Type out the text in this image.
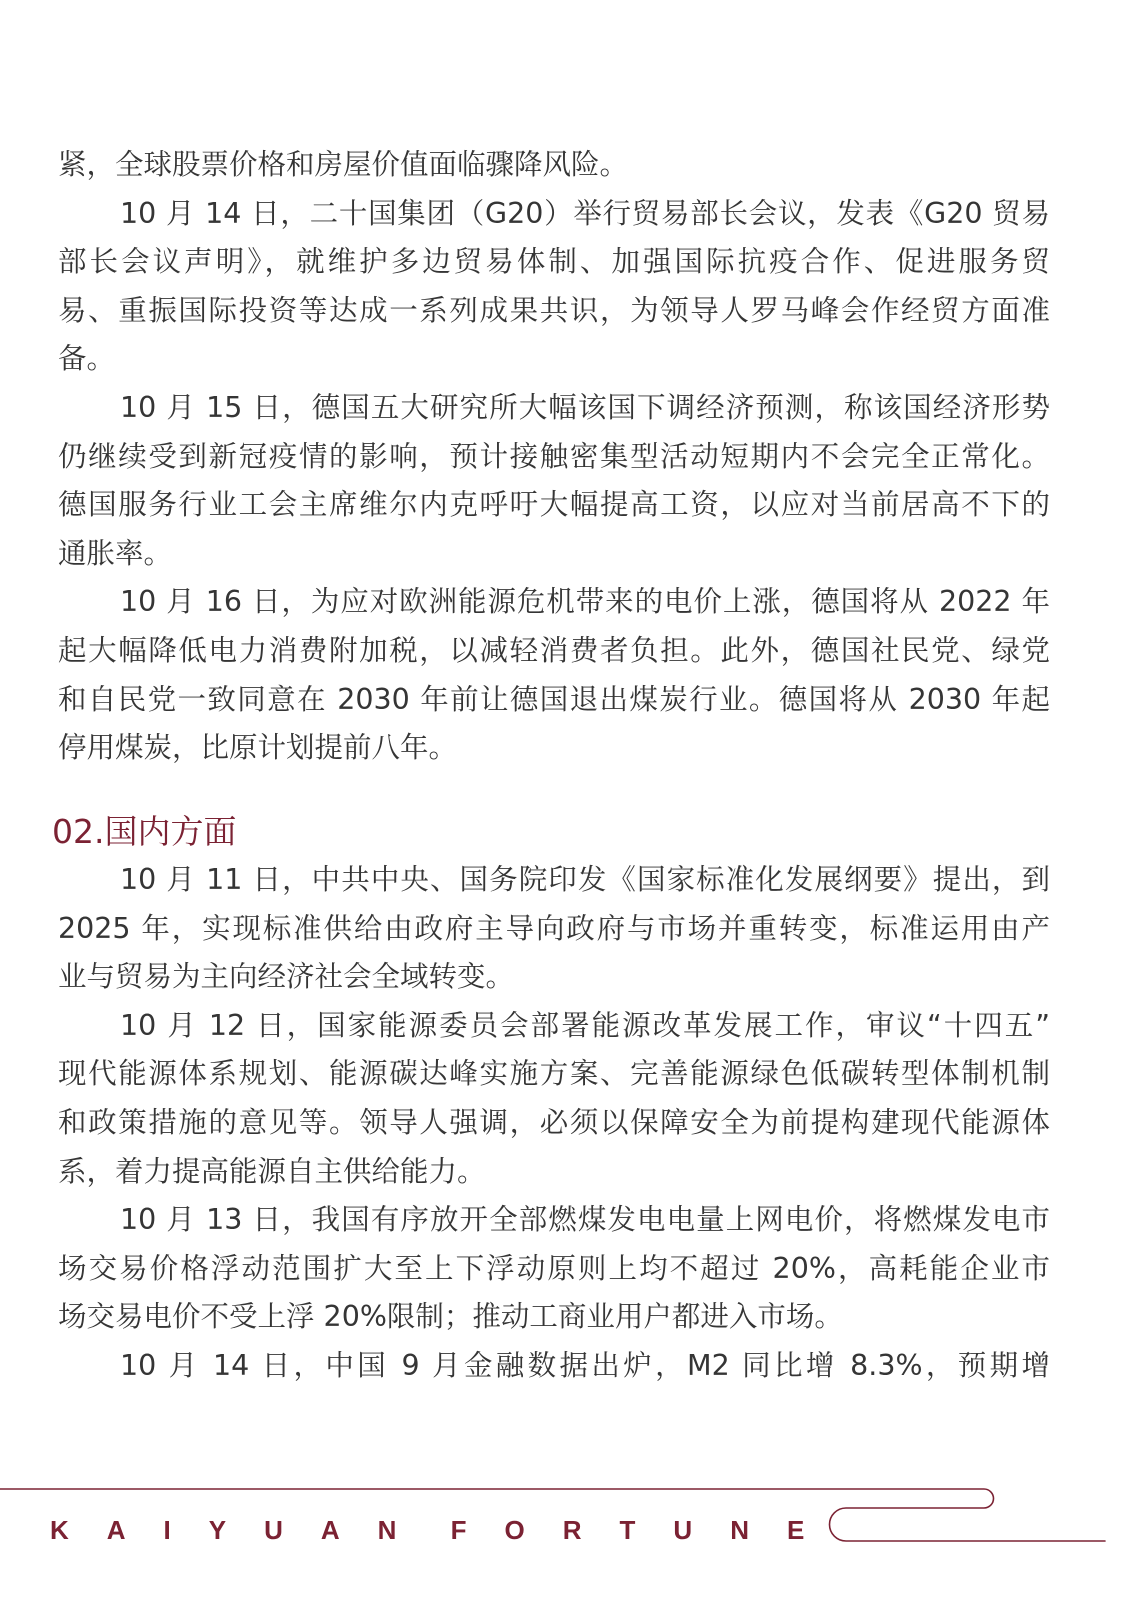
紧，全球股票价格和房屋价值面临骤降风险。
10 月 14 日，二十国集团（G20）举行贸易部长会议，发表《G20 贸易
部长会议声明》，就维护多边贸易体制、加强国际抗疫合作、促进服务贸
易、重振国际投资等达成一系列成果共识，为领导人罗马峰会作经贸方面准
备。
10 月 15 日，德国五大研究所大幅该国下调经济预测，称该国经济形势
仍继续受到新冠疫情的影响，预计接触密集型活动短期内不会完全正常化。
德国服务行业工会主席维尔内克呼吁大幅提高工资，以应对当前居高不下的
通胀率。
10 月 16 日，为应对欧洲能源危机带来的电价上涨，德国将从 2022 年
起大幅降低电力消费附加税，以减轻消费者负担。此外，德国社民党、绿党
和自民党一致同意在 2030 年前让德国退出煤炭行业。德国将从 2030 年起
停用煤炭，比原计划提前八年。
02.国内方面
10 月 11 日，中共中央、国务院印发《国家标准化发展纲要》提出，到
2025 年，实现标准供给由政府主导向政府与市场并重转变，标准运用由产
业与贸易为主向经济社会全域转变。
10 月 12 日，国家能源委员会部署能源改革发展工作，审议“十四五”
现代能源体系规划、能源碳达峰实施方案、完善能源绿色低碳转型体制机制
和政策措施的意见等。领导人强调，必须以保障安全为前提构建现代能源体
系，着力提高能源自主供给能力。
10 月 13 日，我国有序放开全部燃煤发电电量上网电价，将燃煤发电市
场交易价格浮动范围扩大至上下浮动原则上均不超过 20%，高耗能企业市
场交易电价不受上浮 20%限制；推动工商业用户都进入市场。
10 月 14 日，中国 9 月金融数据出炉，M2 同比增 8.3%，预期增
KAIYUAN FORTUNE
